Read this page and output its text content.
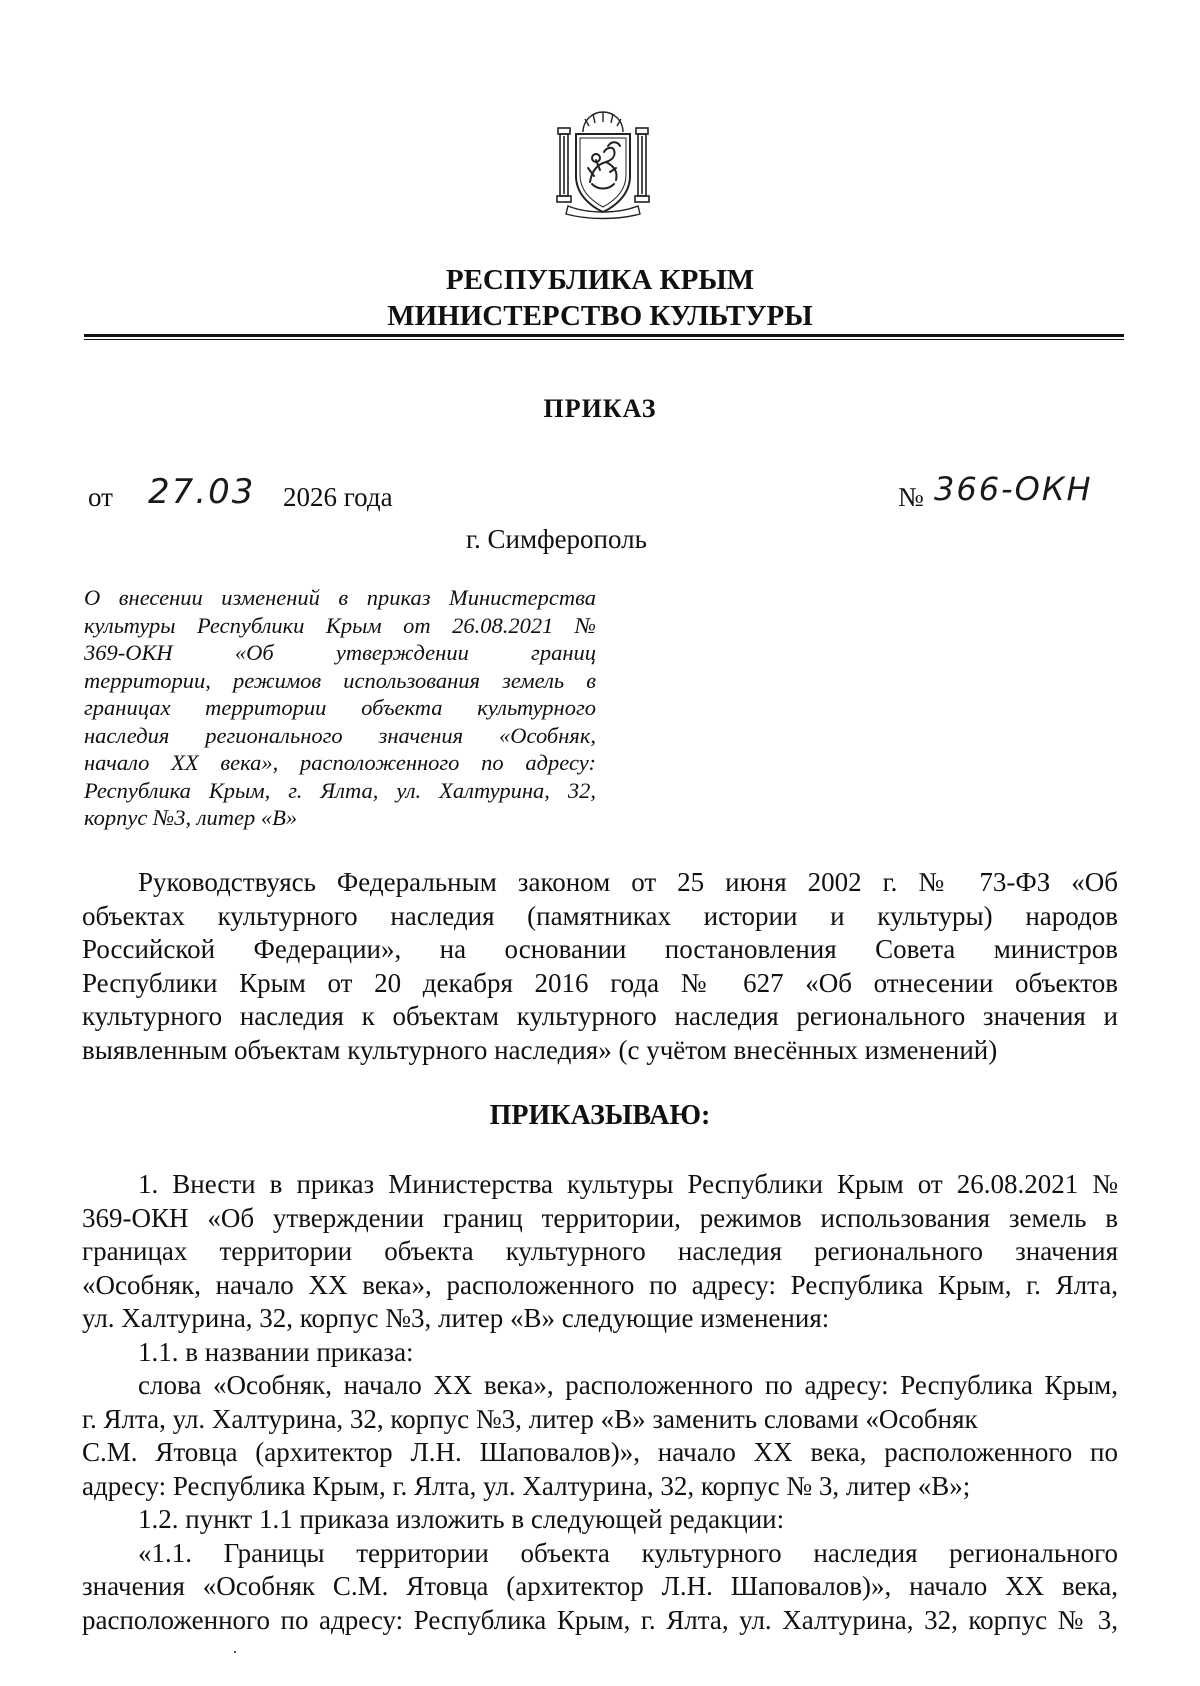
РЕСПУБЛИКА КРЫМ
МИНИСТЕРСТВО КУЛЬТУРЫ
ПРИКАЗ
от 27.03 2026 года	№ 366-ОКН
г. Симферополь
О внесении изменений в приказ Министерства
культуры Республики Крым от 26.08.2021 №
369-ОКН «Об утверждении границ
территории, режимов использования земель в
границах территории объекта культурного
наследия регионального значения «Особняк,
начало XX века», расположенного по адресу:
Республика Крым, г. Ялта, ул. Халтурина, 32,
корпус №3, литер «В»
Руководствуясь Федеральным законом от 25 июня 2002 г. № 73-ФЗ «Об
объектах культурного наследия (памятниках истории и культуры) народов
Российской Федерации», на основании постановления Совета министров
Республики Крым от 20 декабря 2016 года № 627 «Об отнесении объектов
культурного наследия к объектам культурного наследия регионального значения и
выявленным объектам культурного наследия» (с учётом внесённых изменений)
ПРИКАЗЫВАЮ:
1. Внести в приказ Министерства культуры Республики Крым от 26.08.2021 №
369-ОКН «Об утверждении границ территории, режимов использования земель в
границах территории объекта культурного наследия регионального значения
«Особняк, начало XX века», расположенного по адресу: Республика Крым, г. Ялта,
ул. Халтурина, 32, корпус №3, литер «В» следующие изменения:
1.1. в названии приказа:
слова «Особняк, начало XX века», расположенного по адресу: Республика Крым,
г. Ялта, ул. Халтурина, 32, корпус №3, литер «В» заменить словами «Особняк
С.М. Ятовца (архитектор Л.Н. Шаповалов)», начало XX века, расположенного по
адресу: Республика Крым, г. Ялта, ул. Халтурина, 32, корпус № 3, литер «В»;
1.2. пункт 1.1 приказа изложить в следующей редакции:
«1.1. Границы территории объекта культурного наследия регионального
значения «Особняк С.М. Ятовца (архитектор Л.Н. Шаповалов)», начало XX века,
расположенного по адресу: Республика Крым, г. Ялта, ул. Халтурина, 32, корпус № 3,
